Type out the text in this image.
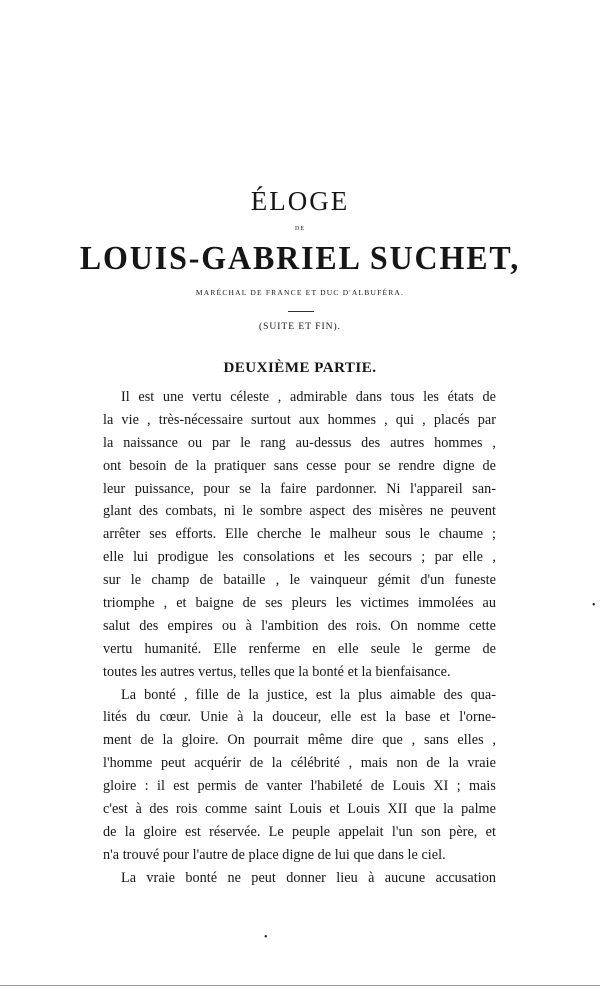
ÉLOGE
DE
LOUIS-GABRIEL SUCHET,
MARÉCHAL DE FRANCE ET DUC D'ALBUFÉRA.
(SUITE ET FIN).
DEUXIÈME PARTIE.
Il est une vertu céleste , admirable dans tous les états de
la vie , très-nécessaire surtout aux hommes , qui , placés par
la naissance ou par le rang au-dessus des autres hommes ,
ont besoin de la pratiquer sans cesse pour se rendre digne de
leur puissance, pour se la faire pardonner. Ni l'appareil san-
glant des combats, ni le sombre aspect des misères ne peuvent
arrêter ses efforts. Elle cherche le malheur sous le chaume ;
elle lui prodigue les consolations et les secours ; par elle ,
sur le champ de bataille , le vainqueur gémit d'un funeste
triomphe , et baigne de ses pleurs les victimes immolées au
salut des empires ou à l'ambition des rois. On nomme cette
vertu humanité. Elle renferme en elle seule le germe de
toutes les autres vertus, telles que la bonté et la bienfaisance.
La bonté , fille de la justice, est la plus aimable des qua-
lités du cœur. Unie à la douceur, elle est la base et l'orne-
ment de la gloire. On pourrait même dire que , sans elles ,
l'homme peut acquérir de la célébrité , mais non de la vraie
gloire : il est permis de vanter l'habileté de Louis XI ; mais
c'est à des rois comme saint Louis et Louis XII que la palme
de la gloire est réservée. Le peuple appelait l'un son père, et
n'a trouvé pour l'autre de place digne de lui que dans le ciel.
La vraie bonté ne peut donner lieu à aucune accusation
•
•
